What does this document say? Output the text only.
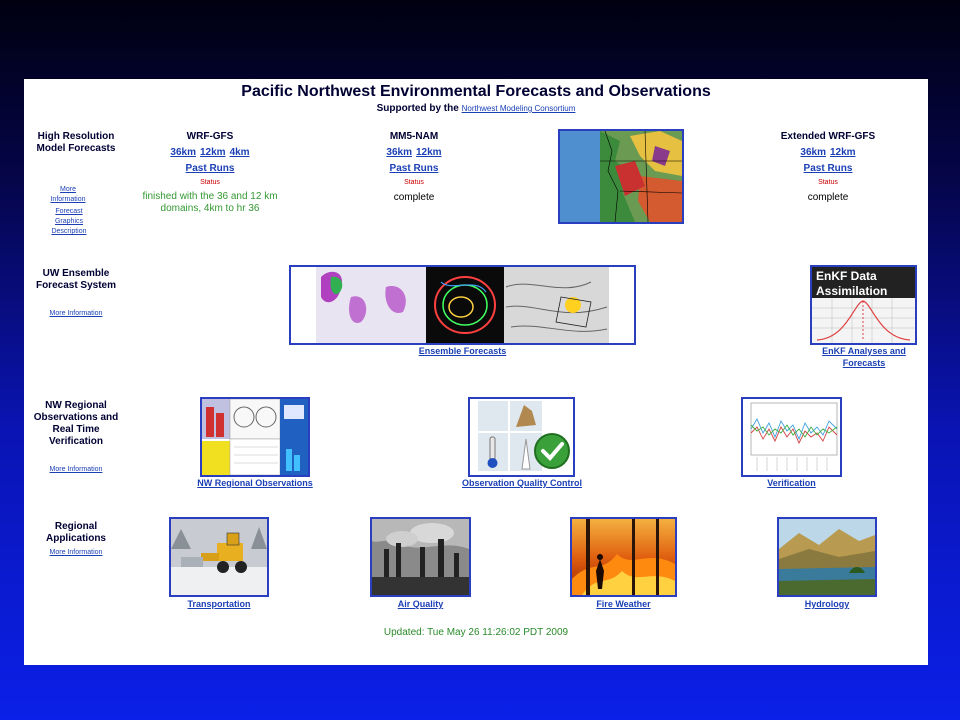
Pacific Northwest Environmental Forecasts and Observations
Supported by the Northwest Modeling Consortium
High Resolution Model Forecasts
More Information
Forecast Graphics Description
WRF-GFS
36km 12km 4km
Past Runs
Status
finished with the 36 and 12 km domains, 4km to hr 36
MM5-NAM
36km 12km
Past Runs
Status
complete
Extended WRF-GFS
36km 12km
Past Runs
Status
complete
UW Ensemble Forecast System
More Information
Ensemble Forecasts
EnKF Data Assimilation
EnKF Analyses and Forecasts
NW Regional Observations and Real Time Verification
More Information
NW Regional Observations	Observation Quality Control	Verification
Regional Applications
More Information
Transportation	Air Quality	Fire Weather	Hydrology
Updated: Tue May 26 11:26:02 PDT 2009
